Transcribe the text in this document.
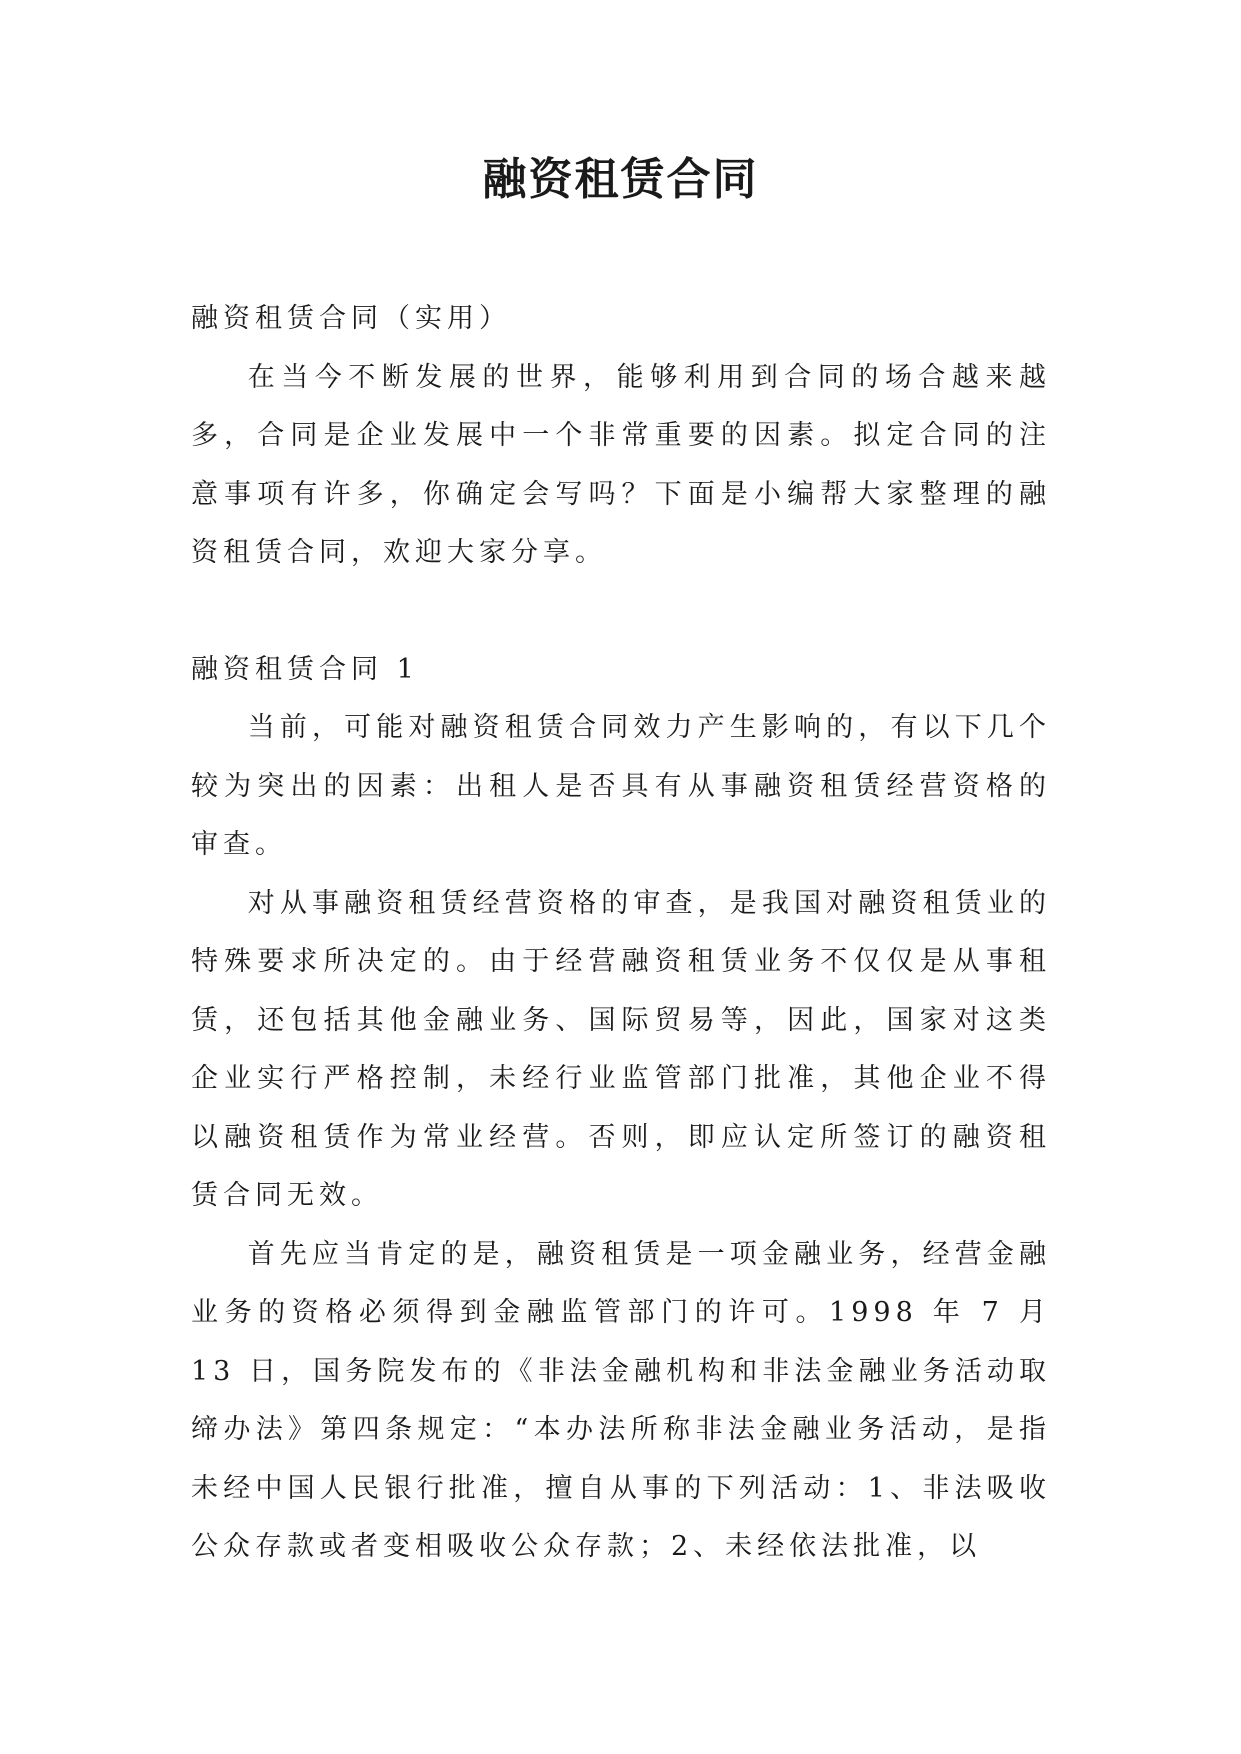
融资租赁合同

融资租赁合同（实用）

在当今不断发展的世界，能够利用到合同的场合越来越多，合同是企业发展中一个非常重要的因素。拟定合同的注意事项有许多，你确定会写吗？下面是小编帮大家整理的融资租赁合同，欢迎大家分享。

融资租赁合同 1

当前，可能对融资租赁合同效力产生影响的，有以下几个较为突出的因素：出租人是否具有从事融资租赁经营资格的审查。

对从事融资租赁经营资格的审查，是我国对融资租赁业的特殊要求所决定的。由于经营融资租赁业务不仅仅是从事租赁，还包括其他金融业务、国际贸易等，因此，国家对这类企业实行严格控制，未经行业监管部门批准，其他企业不得以融资租赁作为常业经营。否则，即应认定所签订的融资租赁合同无效。

首先应当肯定的是，融资租赁是一项金融业务，经营金融业务的资格必须得到金融监管部门的许可。1998 年 7 月 13 日，国务院发布的《非法金融机构和非法金融业务活动取缔办法》第四条规定：“本办法所称非法金融业务活动，是指未经中国人民银行批准，擅自从事的下列活动：1、非法吸收公众存款或者变相吸收公众存款；2、未经依法批准，以
